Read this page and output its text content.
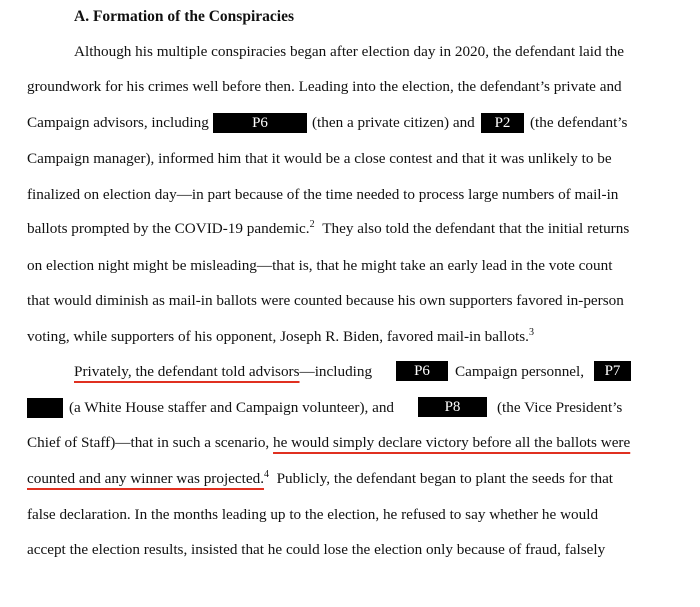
A. Formation of the Conspiracies
Although his multiple conspiracies began after election day in 2020, the defendant laid the
groundwork for his crimes well before then. Leading into the election, the defendant’s private and
Campaign advisors, including	P6	(then a private citizen) and	P2	(the defendant’s
Campaign manager), informed him that it would be a close contest and that it was unlikely to be
finalized on election day—in part because of the time needed to process large numbers of mail-in
ballots prompted by the COVID-19 pandemic.$^2$ They also told the defendant that the initial returns
on election night might be misleading—that is, that he might take an early lead in the vote count
that would diminish as mail-in ballots were counted because his own supporters favored in-person
voting, while supporters of his opponent, Joseph R. Biden, favored mail-in ballots.$^3$
Privately, the defendant told advisors—including	P6	Campaign personnel,	P7
(a White House staffer and Campaign volunteer), and	P8	(the Vice President’s
Chief of Staff)—that in such a scenario, he would simply declare victory before all the ballots were
counted and any winner was projected.$^4$ Publicly, the defendant began to plant the seeds for that
false declaration. In the months leading up to the election, he refused to say whether he would
accept the election results, insisted that he could lose the election only because of fraud, falsely
